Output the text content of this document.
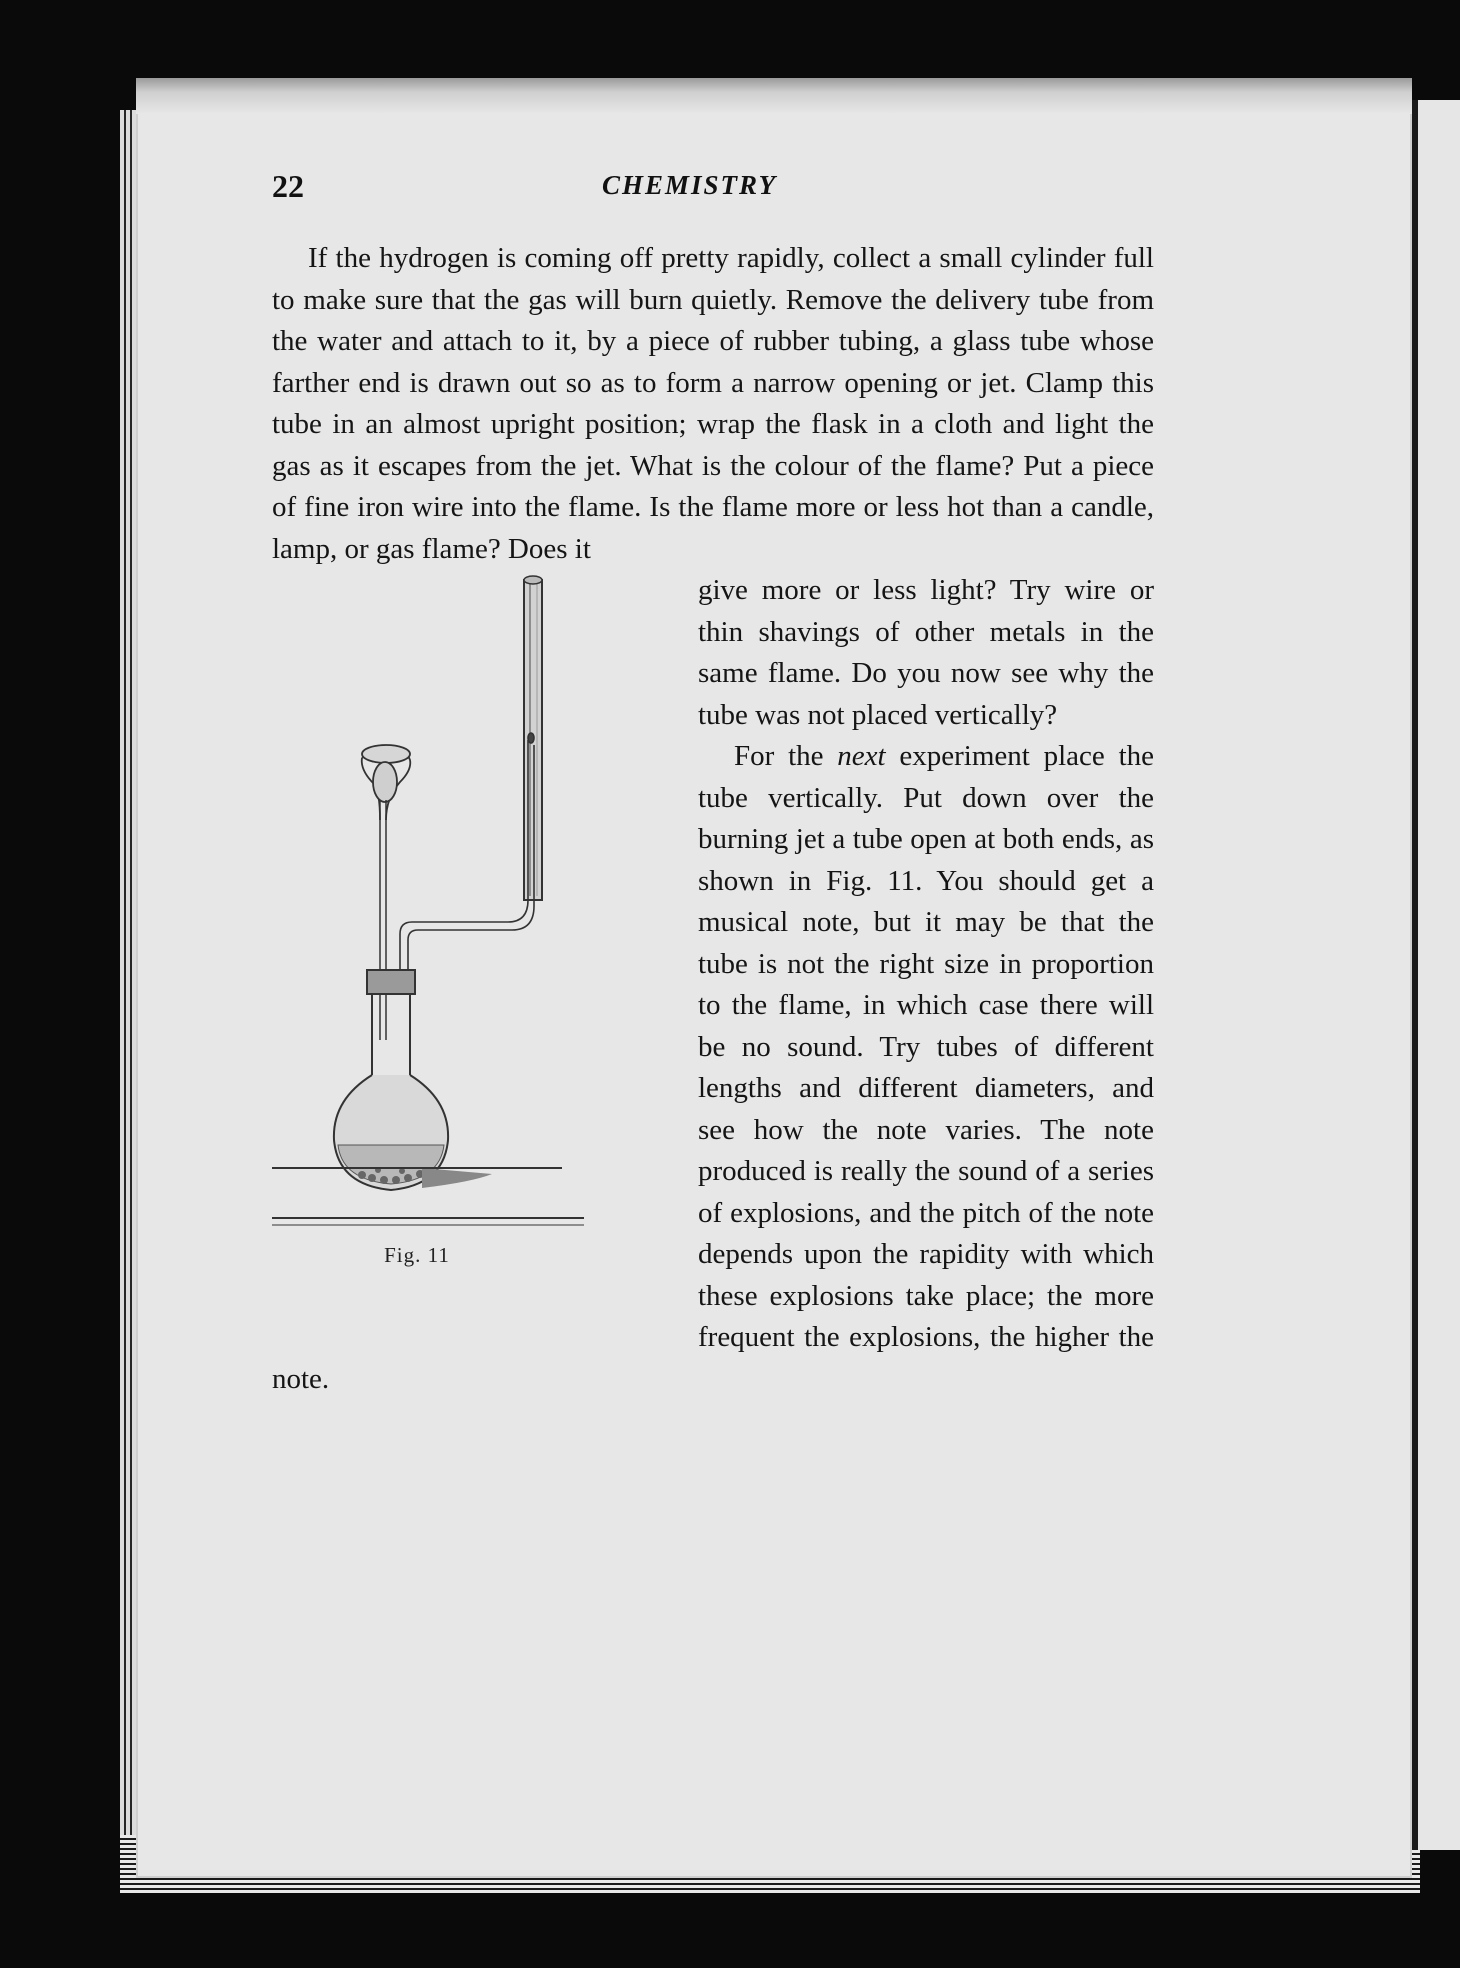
22	CHEMISTRY

If the hydrogen is coming off pretty rapidly, collect a small cylinder full to make sure that the gas will burn quietly. Remove the delivery tube from the water and attach to it, by a piece of rubber tubing, a glass tube whose farther end is drawn out so as to form a narrow opening or jet. Clamp this tube in an almost upright position; wrap the flask in a cloth and light the gas as it escapes from the jet. What is the colour of the flame? Put a piece of fine iron wire into the flame. Is the flame more or less hot than a candle, lamp, or gas flame? Does it

Fig. 11

give more or less light? Try wire or thin shavings of other metals in the same flame. Do you now see why the tube was not placed vertically?

For the next experiment place the tube vertically. Put down over the burning jet a tube open at both ends, as shown in Fig. 11. You should get a musical note, but it may be that the tube is not the right size in proportion to the flame, in which case there will be no sound. Try tubes of different lengths and different diameters, and see how the note varies. The note produced is really the sound of a series of explosions, and the pitch of the note depends upon the rapidity with which these explosions take place; the more frequent the explosions, the higher the note.
